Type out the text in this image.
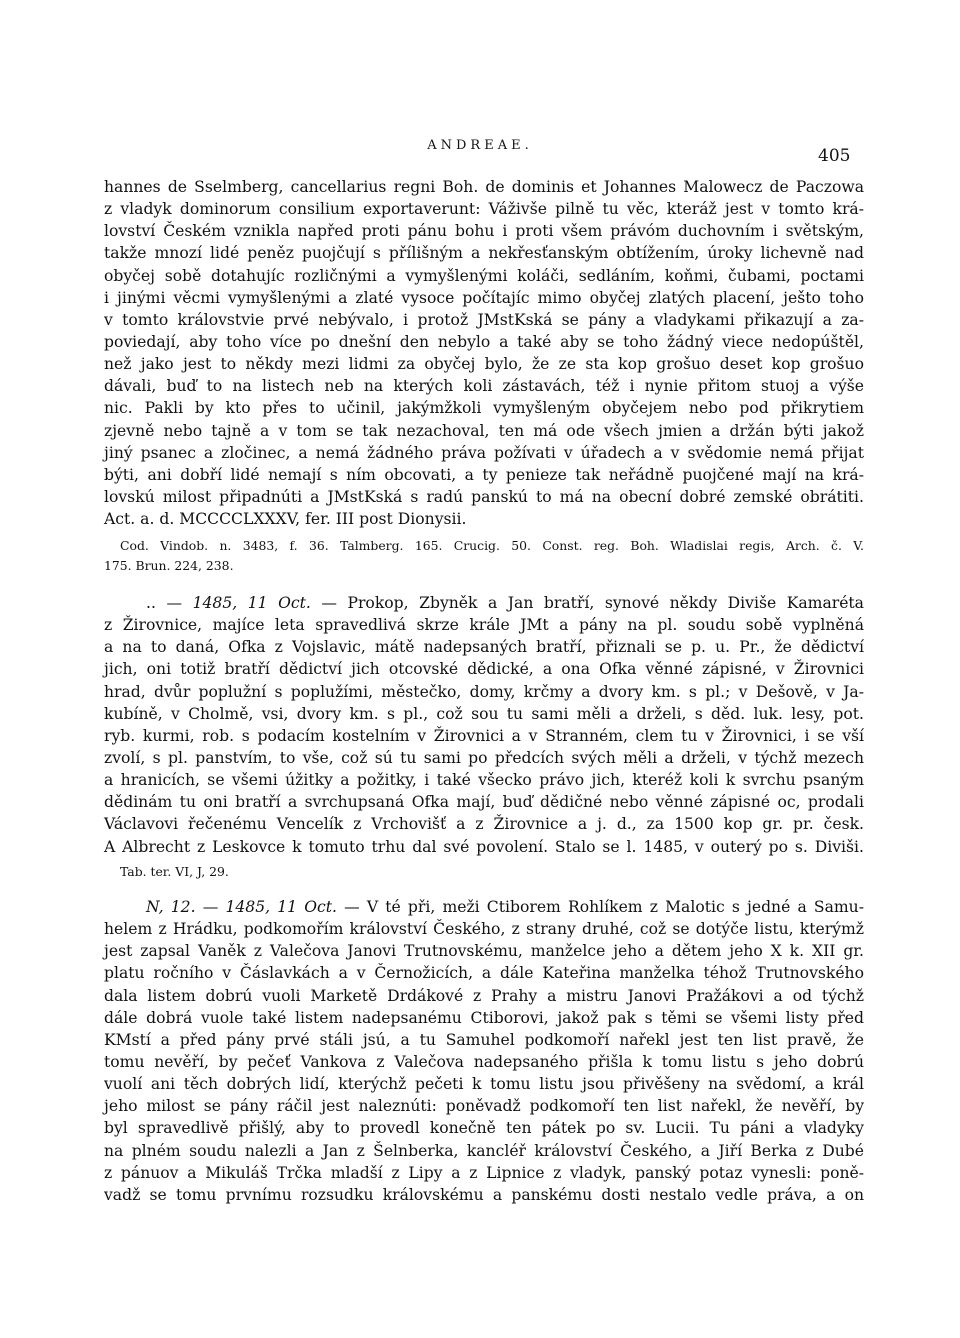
ANDREAE.
405
hannes de Sselmberg, cancellarius regni Boh. de dominis et Johannes Malowecz de Paczowa
z vladyk dominorum consilium exportaverunt: Váživše pilně tu věc, kteráž jest v tomto krá-
lovství Českém vznikla napřed proti pánu bohu i proti všem právóm duchovním i světským,
takže mnozí lidé peněz puojčují s přílišným a nekřesťanským obtížením, úroky lichevně nad
obyčej sobě dotahujíc rozličnými a vymyšlenými koláči, sedláním, koňmi, čubami, poctami
i jinými věcmi vymyšlenými a zlaté vysoce počítajíc mimo obyčej zlatých placení, ješto toho
v tomto královstvie prvé nebývalo, i protož JMstKská se pány a vladykami přikazují a za-
poviedají, aby toho více po dnešní den nebylo a také aby se toho žádný viece nedopúštěl,
než jako jest to někdy mezi lidmi za obyčej bylo, že ze sta kop grošuo deset kop grošuo
dávali, buď to na listech neb na kterých koli zástavách, též i nynie přitom stuoj a výše
nic. Pakli by kto přes to učinil, jakýmžkoli vymyšleným obyčejem nebo pod přikrytiem
zjevně nebo tajně a v tom se tak nezachoval, ten má ode všech jmien a držán býti jakož
jiný psanec a zločinec, a nemá žádného práva požívati v úřadech a v svědomie nemá přijat
býti, ani dobří lidé nemají s ním obcovati, a ty penieze tak neřádně puojčené mají na krá-
lovskú milost připadnúti a JMstKská s radú panskú to má na obecní dobré zemské obrátiti.
Act. a. d. MCCCCLXXXV, fer. III post Dionysii.
Cod. Vindob. n. 3483, f. 36. Talmberg. 165. Crucig. 50. Const. reg. Boh. Wladislai regis, Arch. č. V.
175. Brun. 224, 238.
.. — 1485, 11 Oct. — Prokop, Zbyněk a Jan bratří, synové někdy Diviše Kamaréta
z Žirovnice, majíce leta spravedlivá skrze krále JMt a pány na pl. soudu sobě vyplněná
a na to daná, Ofka z Vojslavic, mátě nadepsaných bratří, přiznali se p. u. Pr., že dědictví
jich, oni totiž bratří dědictví jich otcovské dědické, a ona Ofka věnné zápisné, v Žirovnici
hrad, dvůr poplužní s poplužími, městečko, domy, krčmy a dvory km. s pl.; v Dešově, v Ja-
kubíně, v Cholmě, vsi, dvory km. s pl., což sou tu sami měli a drželi, s děd. luk. lesy, pot.
ryb. kurmi, rob. s podacím kostelním v Žirovnici a v Stranném, clem tu v Žirovnici, i se vší
zvolí, s pl. panstvím, to vše, což sú tu sami po předcích svých měli a drželi, v týchž mezech
a hranicích, se všemi úžitky a požitky, i také všecko právo jich, kteréž koli k svrchu psaným
dědinám tu oni bratří a svrchupsaná Ofka mají, buď dědičné nebo věnné zápisné oc, prodali
Václavovi řečenému Vencelík z Vrchovišť a z Žirovnice a j. d., za 1500 kop gr. pr. česk.
A Albrecht z Leskovce k tomuto trhu dal své povolení. Stalo se l. 1485, v outerý po s. Diviši.
Tab. ter. VI, J, 29.
N, 12. — 1485, 11 Oct. — V té při, meži Ctiborem Rohlíkem z Malotic s jedné a Samu-
helem z Hrádku, podkomořím království Českého, z strany druhé, což se dotýče listu, kterýmž
jest zapsal Vaněk z Valečova Janovi Trutnovskému, manželce jeho a dětem jeho X k. XII gr.
platu ročního v Čáslavkách a v Černožicích, a dále Kateřina manželka téhož Trutnovského
dala listem dobrú vuoli Marketě Drdákové z Prahy a mistru Janovi Pražákovi a od týchž
dále dobrá vuole také listem nadepsanému Ctiborovi, jakož pak s těmi se všemi listy před
KMstí a před pány prvé stáli jsú, a tu Samuhel podkomoří nařekl jest ten list pravě, že
tomu nevěří, by pečeť Vankova z Valečova nadepsaného přišla k tomu listu s jeho dobrú
vuolí ani těch dobrých lidí, kterýchž pečeti k tomu listu jsou přivěšeny na svědomí, a král
jeho milost se pány ráčil jest naleznúti: poněvadž podkomoří ten list nařekl, že nevěří, by
byl spravedlivě přišlý, aby to provedl konečně ten pátek po sv. Lucii. Tu páni a vladyky
na plném soudu nalezli a Jan z Šelnberka, kancléř království Českého, a Jiří Berka z Dubé
z pánuov a Mikuláš Trčka mladší z Lipy a z Lipnice z vladyk, panský potaz vynesli: poně-
vadž se tomu prvnímu rozsudku královskému a panskému dosti nestalo vedle práva, a on
